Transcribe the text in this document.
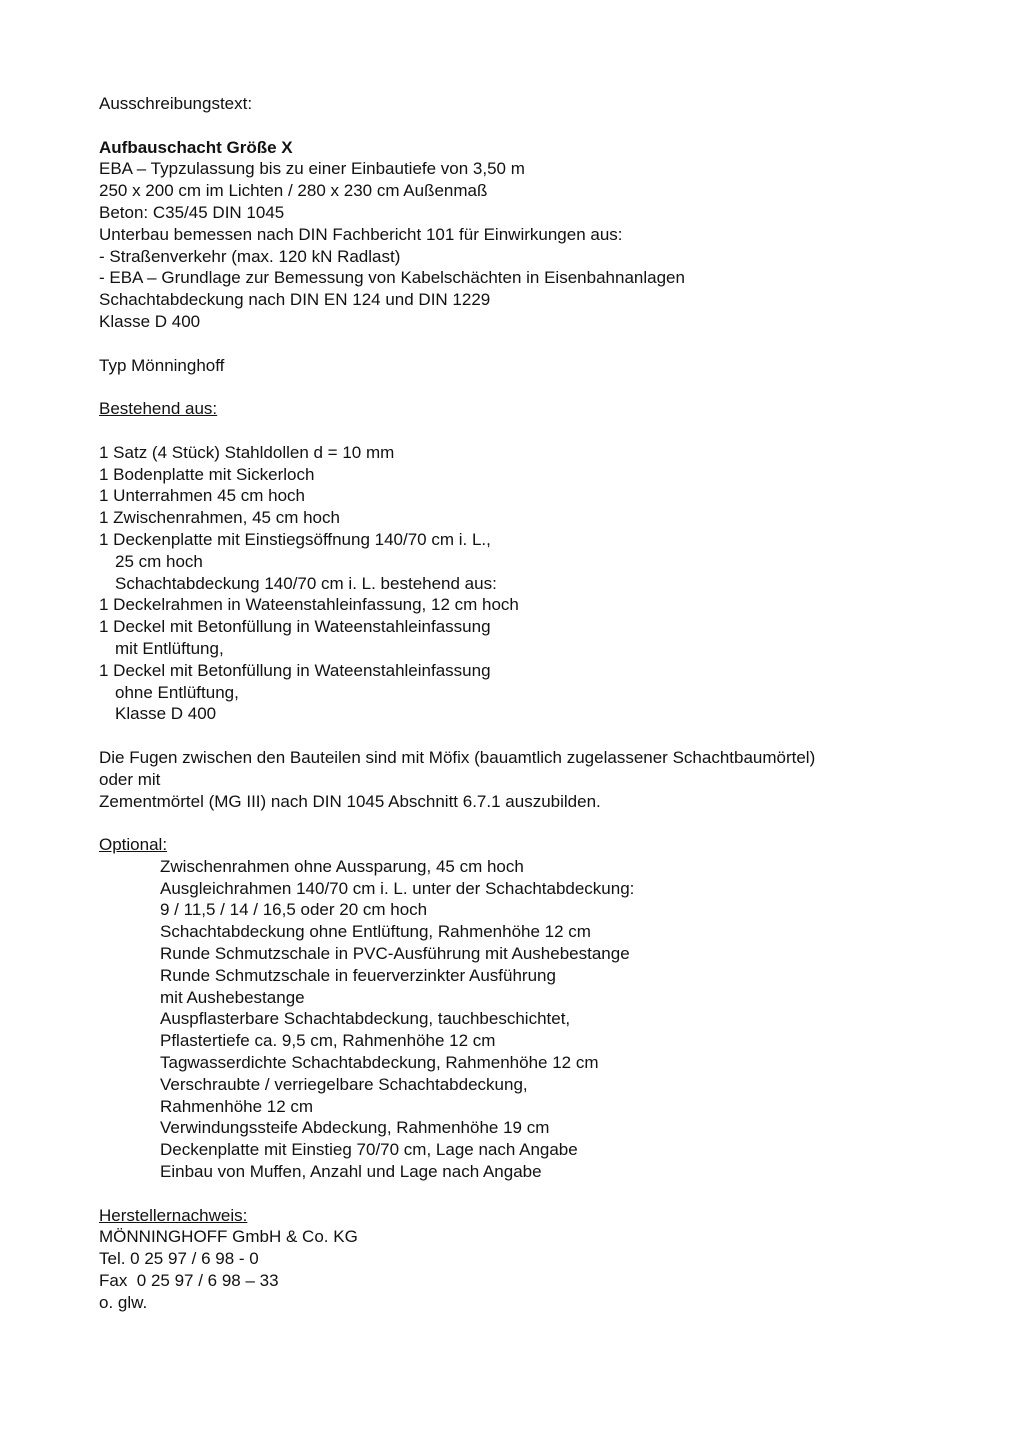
Ausschreibungstext:
Aufbauschacht Größe X
EBA – Typzulassung bis zu einer Einbautiefe von 3,50 m
250 x 200 cm im Lichten / 280 x 230 cm Außenmaß
Beton: C35/45 DIN 1045
Unterbau bemessen nach DIN Fachbericht 101 für Einwirkungen aus:
- Straßenverkehr (max. 120 kN Radlast)
- EBA – Grundlage zur Bemessung von Kabelschächten in Eisenbahnanlagen
Schachtabdeckung nach DIN EN 124 und DIN 1229
Klasse D 400
Typ Mönninghoff
Bestehend aus:
1 Satz (4 Stück) Stahldollen d = 10 mm
1 Bodenplatte mit Sickerloch
1 Unterrahmen 45 cm hoch
1 Zwischenrahmen, 45 cm hoch
1 Deckenplatte mit Einstiegsöffnung 140/70 cm i. L.,
25 cm hoch
Schachtabdeckung 140/70 cm i. L. bestehend aus:
1 Deckelrahmen in Wateenstahleinfassung, 12 cm hoch
1 Deckel mit Betonfüllung in Wateenstahleinfassung
mit Entlüftung,
1 Deckel mit Betonfüllung in Wateenstahleinfassung
ohne Entlüftung,
Klasse D 400
Die Fugen zwischen den Bauteilen sind mit Möfix (bauamtlich zugelassener Schachtbaumörtel)
oder mit
Zementmörtel (MG III) nach DIN 1045 Abschnitt 6.7.1 auszubilden.
Optional:
Zwischenrahmen ohne Aussparung, 45 cm hoch
Ausgleichrahmen 140/70 cm i. L. unter der Schachtabdeckung:
9 / 11,5 / 14 / 16,5 oder 20 cm hoch
Schachtabdeckung ohne Entlüftung, Rahmenhöhe 12 cm
Runde Schmutzschale in PVC-Ausführung mit Aushebestange
Runde Schmutzschale in feuerverzinkter Ausführung
mit Aushebestange
Auspflasterbare Schachtabdeckung, tauchbeschichtet,
Pflastertiefe ca. 9,5 cm, Rahmenhöhe 12 cm
Tagwasserdichte Schachtabdeckung, Rahmenhöhe 12 cm
Verschraubte / verriegelbare Schachtabdeckung,
Rahmenhöhe 12 cm
Verwindungssteife Abdeckung, Rahmenhöhe 19 cm
Deckenplatte mit Einstieg 70/70 cm, Lage nach Angabe
Einbau von Muffen, Anzahl und Lage nach Angabe
Herstellernachweis:
MÖNNINGHOFF GmbH & Co. KG
Tel. 0 25 97 / 6 98 - 0
Fax  0 25 97 / 6 98 – 33
o. glw.
